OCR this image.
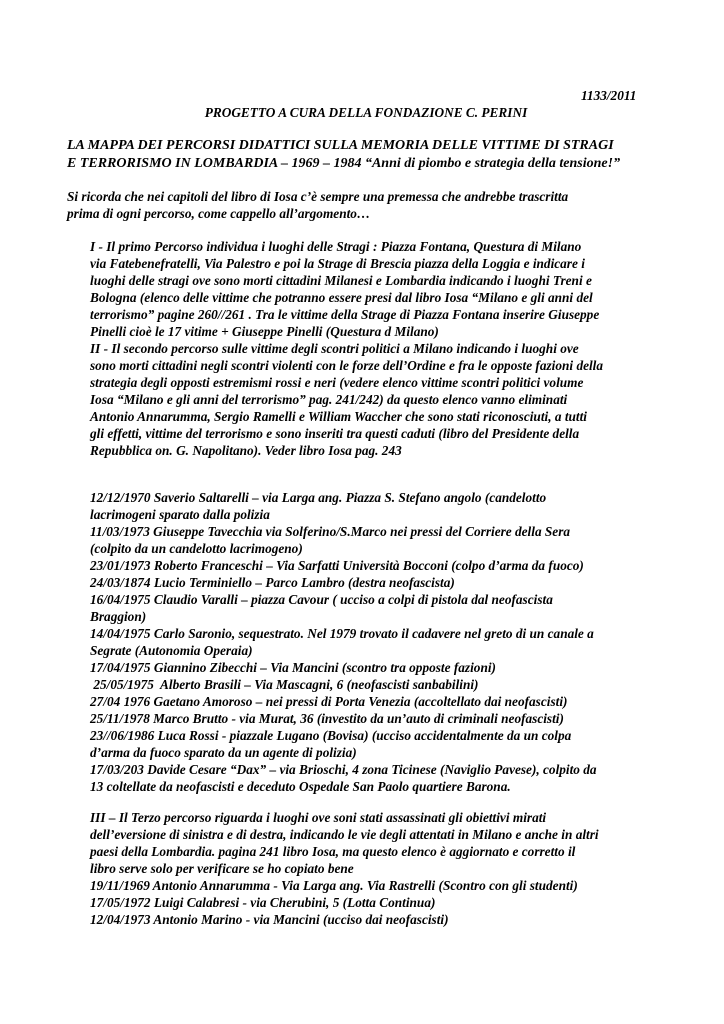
1133/2011
PROGETTO A CURA DELLA FONDAZIONE C. PERINI
LA MAPPA DEI PERCORSI DIDATTICI SULLA MEMORIA DELLE VITTIME DI STRAGI
E TERRORISMO IN LOMBARDIA – 1969 – 1984 “Anni di piombo e strategia della tensione!”
Si ricorda che nei capitoli del libro di Iosa c’è sempre una premessa che andrebbe trascritta
prima di ogni percorso, come cappello all’argomento…
I - Il primo Percorso individua i luoghi delle Stragi : Piazza Fontana, Questura di Milano
via Fatebenefratelli, Via Palestro e poi la Strage di Brescia piazza della Loggia e indicare i
luoghi delle stragi ove sono morti cittadini Milanesi e Lombardia indicando i luoghi Treni e
Bologna (elenco delle vittime che potranno essere presi dal libro Iosa “Milano e gli anni del
terrorismo” pagine 260//261 . Tra le vittime della Strage di Piazza Fontana inserire Giuseppe
Pinelli cioè le 17 vitime + Giuseppe Pinelli (Questura d Milano)
II - Il secondo percorso sulle vittime degli scontri politici a Milano indicando i luoghi ove
sono morti cittadini negli scontri violenti con le forze dell’Ordine e fra le opposte fazioni della
strategia degli opposti estremismi rossi e neri (vedere elenco vittime scontri politici volume
Iosa “Milano e gli anni del terrorismo” pag. 241/242) da questo elenco vanno eliminati
Antonio Annarumma, Sergio Ramelli e William Waccher che sono stati riconosciuti, a tutti
gli effetti, vittime del terrorismo e sono inseriti tra questi caduti (libro del Presidente della
Repubblica on. G. Napolitano). Veder libro Iosa pag. 243
12/12/1970 Saverio Saltarelli – via Larga ang. Piazza S. Stefano angolo (candelotto
lacrimogeni sparato dalla polizia
11/03/1973 Giuseppe Tavecchia via Solferino/S.Marco nei pressi del Corriere della Sera
(colpito da un candelotto lacrimogeno)
23/01/1973 Roberto Franceschi – Via Sarfatti Università Bocconi (colpo d’arma da fuoco)
24/03/1874 Lucio Terminiello – Parco Lambro (destra neofascista)
16/04/1975 Claudio Varalli – piazza Cavour ( ucciso a colpi di pistola dal neofascista
Braggion)
14/04/1975 Carlo Saronio, sequestrato. Nel 1979 trovato il cadavere nel greto di un canale a
Segrate (Autonomia Operaia)
17/04/1975 Giannino Zibecchi – Via Mancini (scontro tra opposte fazioni)
25/05/1975  Alberto Brasili – Via Mascagni, 6 (neofascisti sanbabilini)
27/04 1976 Gaetano Amoroso – nei pressi di Porta Venezia (accoltellato dai neofascisti)
25/11/1978 Marco Brutto - via Murat, 36 (investito da un’auto di criminali neofascisti)
23//06/1986 Luca Rossi - piazzale Lugano (Bovisa) (ucciso accidentalmente da un colpa
d’arma da fuoco sparato da un agente di polizia)
17/03/203 Davide Cesare “Dax” – via Brioschi, 4 zona Ticinese (Naviglio Pavese), colpito da
13 coltellate da neofascisti e deceduto Ospedale San Paolo quartiere Barona.
III – Il Terzo percorso riguarda i luoghi ove soni stati assassinati gli obiettivi mirati
dell’eversione di sinistra e di destra, indicando le vie degli attentati in Milano e anche in altri
paesi della Lombardia. pagina 241 libro Iosa, ma questo elenco è aggiornato e corretto il
libro serve solo per verificare se ho copiato bene
19/11/1969 Antonio Annarumma - Via Larga ang. Via Rastrelli (Scontro con gli studenti)
17/05/1972 Luigi Calabresi - via Cherubini, 5 (Lotta Continua)
12/04/1973 Antonio Marino - via Mancini (ucciso dai neofascisti)
